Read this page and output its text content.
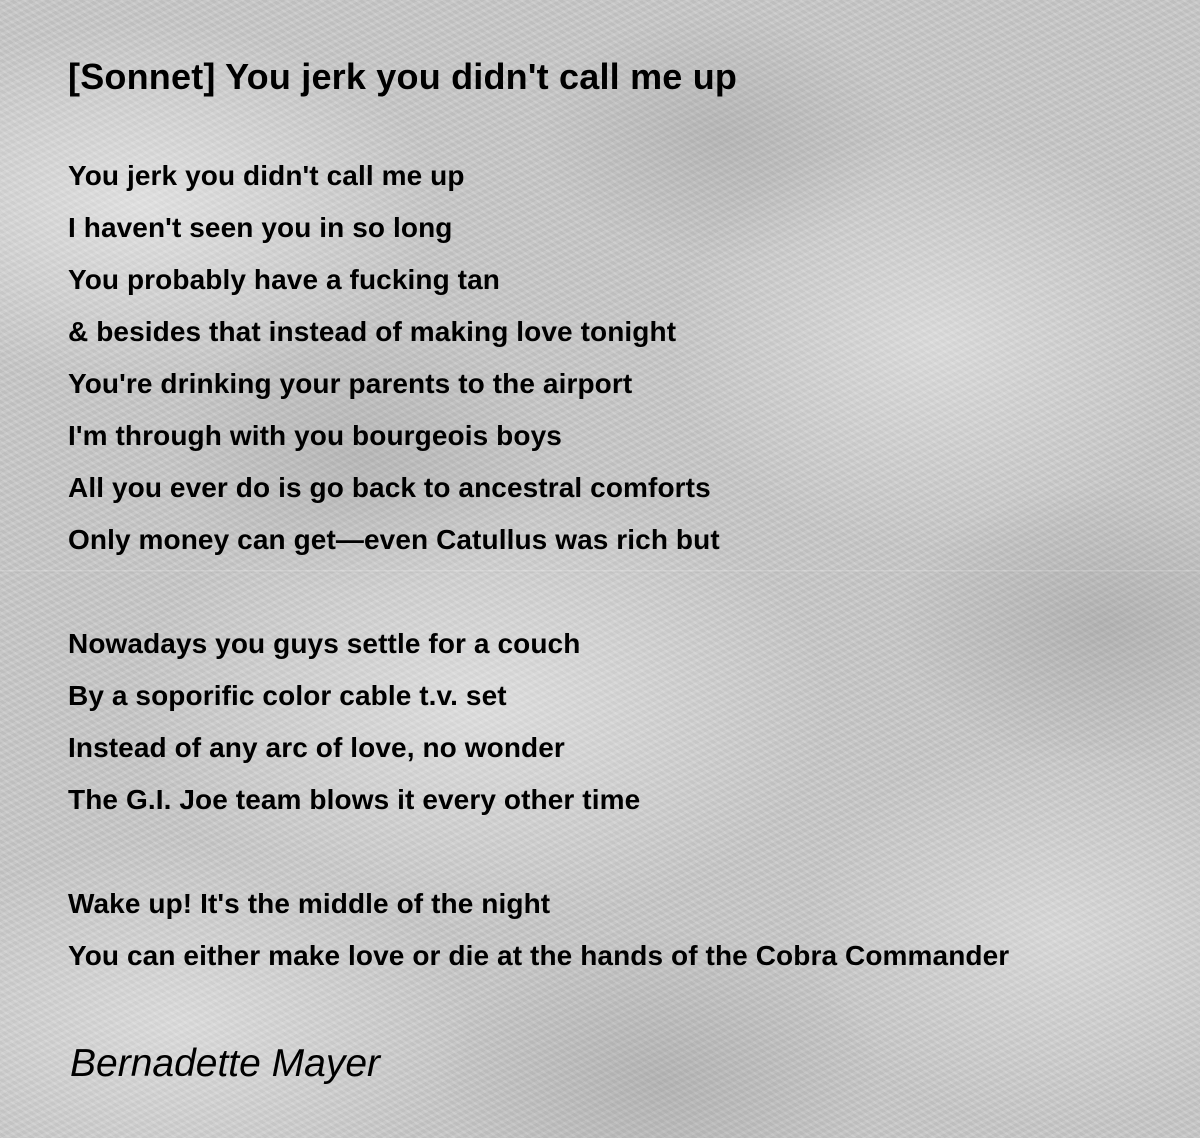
[Sonnet] You jerk you didn't call me up
You jerk you didn't call me up
I haven't seen you in so long
You probably have a fucking tan
& besides that instead of making love tonight
You're drinking your parents to the airport
I'm through with you bourgeois boys
All you ever do is go back to ancestral comforts
Only money can get—even Catullus was rich but
Nowadays you guys settle for a couch
By a soporific color cable t.v. set
Instead of any arc of love, no wonder
The G.I. Joe team blows it every other time
Wake up! It's the middle of the night
You can either make love or die at the hands of the Cobra Commander
Bernadette Mayer
